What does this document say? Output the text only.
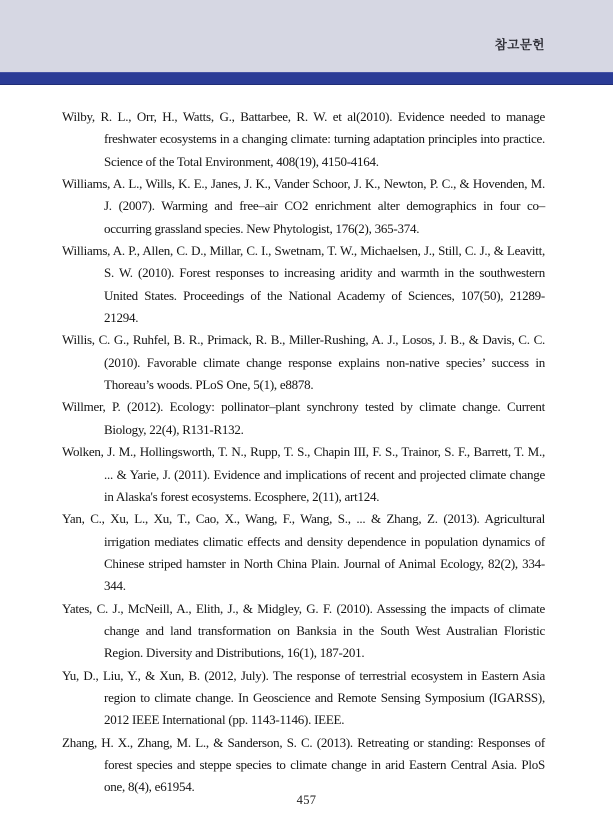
참고문헌

Wilby, R. L., Orr, H., Watts, G., Battarbee, R. W. et al(2010). Evidence needed to manage freshwater ecosystems in a changing climate: turning adaptation principles into practice. Science of the Total Environment, 408(19), 4150-4164.

Williams, A. L., Wills, K. E., Janes, J. K., Vander Schoor, J. K., Newton, P. C., & Hovenden, M. J. (2007). Warming and free–air CO2 enrichment alter demographics in four co–occurring grassland species. New Phytologist, 176(2), 365-374.

Williams, A. P., Allen, C. D., Millar, C. I., Swetnam, T. W., Michaelsen, J., Still, C. J., & Leavitt, S. W. (2010). Forest responses to increasing aridity and warmth in the southwestern United States. Proceedings of the National Academy of Sciences, 107(50), 21289-21294.

Willis, C. G., Ruhfel, B. R., Primack, R. B., Miller-Rushing, A. J., Losos, J. B., & Davis, C. C. (2010). Favorable climate change response explains non-native species’ success in Thoreau’s woods. PLoS One, 5(1), e8878.

Willmer, P. (2012). Ecology: pollinator–plant synchrony tested by climate change. Current Biology, 22(4), R131-R132.

Wolken, J. M., Hollingsworth, T. N., Rupp, T. S., Chapin III, F. S., Trainor, S. F., Barrett, T. M., ... & Yarie, J. (2011). Evidence and implications of recent and projected climate change in Alaska's forest ecosystems. Ecosphere, 2(11), art124.

Yan, C., Xu, L., Xu, T., Cao, X., Wang, F., Wang, S., ... & Zhang, Z. (2013). Agricultural irrigation mediates climatic effects and density dependence in population dynamics of Chinese striped hamster in North China Plain. Journal of Animal Ecology, 82(2), 334-344.

Yates, C. J., McNeill, A., Elith, J., & Midgley, G. F. (2010). Assessing the impacts of climate change and land transformation on Banksia in the South West Australian Floristic Region. Diversity and Distributions, 16(1), 187-201.

Yu, D., Liu, Y., & Xun, B. (2012, July). The response of terrestrial ecosystem in Eastern Asia region to climate change. In Geoscience and Remote Sensing Symposium (IGARSS), 2012 IEEE International (pp. 1143-1146). IEEE.

Zhang, H. X., Zhang, M. L., & Sanderson, S. C. (2013). Retreating or standing: Responses of forest species and steppe species to climate change in arid Eastern Central Asia. PloS one, 8(4), e61954.

457
